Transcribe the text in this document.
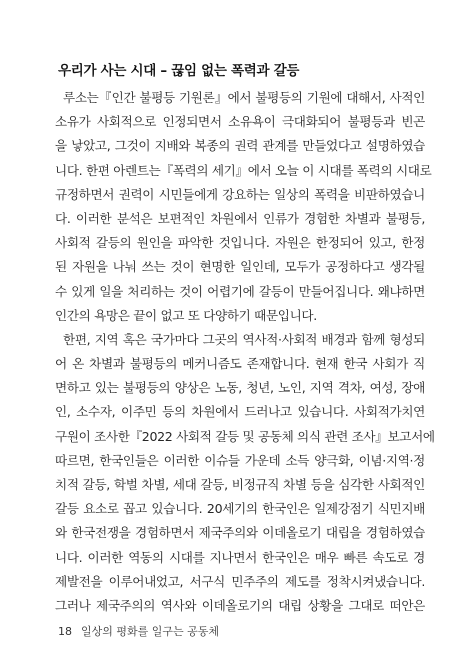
우리가 사는 시대 – 끊임 없는 폭력과 갈등
루소는『인간 불평등 기원론』에서 불평등의 기원에 대해서, 사적인
소유가 사회적으로 인정되면서 소유욕이 극대화되어 불평등과 빈곤
을 낳았고, 그것이 지배와 복종의 권력 관계를 만들었다고 설명하였습
니다. 한편 아렌트는『폭력의 세기』에서 오늘 이 시대를 폭력의 시대로
규정하면서 권력이 시민들에게 강요하는 일상의 폭력을 비판하였습니
다. 이러한 분석은 보편적인 차원에서 인류가 경험한 차별과 불평등,
사회적 갈등의 원인을 파악한 것입니다. 자원은 한정되어 있고, 한정
된 자원을 나눠 쓰는 것이 현명한 일인데, 모두가 공정하다고 생각될
수 있게 일을 처리하는 것이 어렵기에 갈등이 만들어집니다. 왜냐하면
인간의 욕망은 끝이 없고 또 다양하기 때문입니다.
한편, 지역 혹은 국가마다 그곳의 역사적·사회적 배경과 함께 형성되
어 온 차별과 불평등의 메커니즘도 존재합니다. 현재 한국 사회가 직
면하고 있는 불평등의 양상은 노동, 청년, 노인, 지역 격차, 여성, 장애
인, 소수자, 이주민 등의 차원에서 드러나고 있습니다. 사회적가치연
구원이 조사한『2022 사회적 갈등 및 공동체 의식 관련 조사』보고서에
따르면, 한국인들은 이러한 이슈들 가운데 소득 양극화, 이념·지역·정
치적 갈등, 학벌 차별, 세대 갈등, 비정규직 차별 등을 심각한 사회적인
갈등 요소로 꼽고 있습니다. 20세기의 한국인은 일제강점기 식민지배
와 한국전쟁을 경험하면서 제국주의와 이데올로기 대립을 경험하였습
니다. 이러한 역동의 시대를 지나면서 한국인은 매우 빠른 속도로 경
제발전을 이루어내었고, 서구식 민주주의 제도를 정착시켜냈습니다.
그러나 제국주의의 역사와 이데올로기의 대립 상황을 그대로 떠안은
18 일상의 평화를 일구는 공동체
